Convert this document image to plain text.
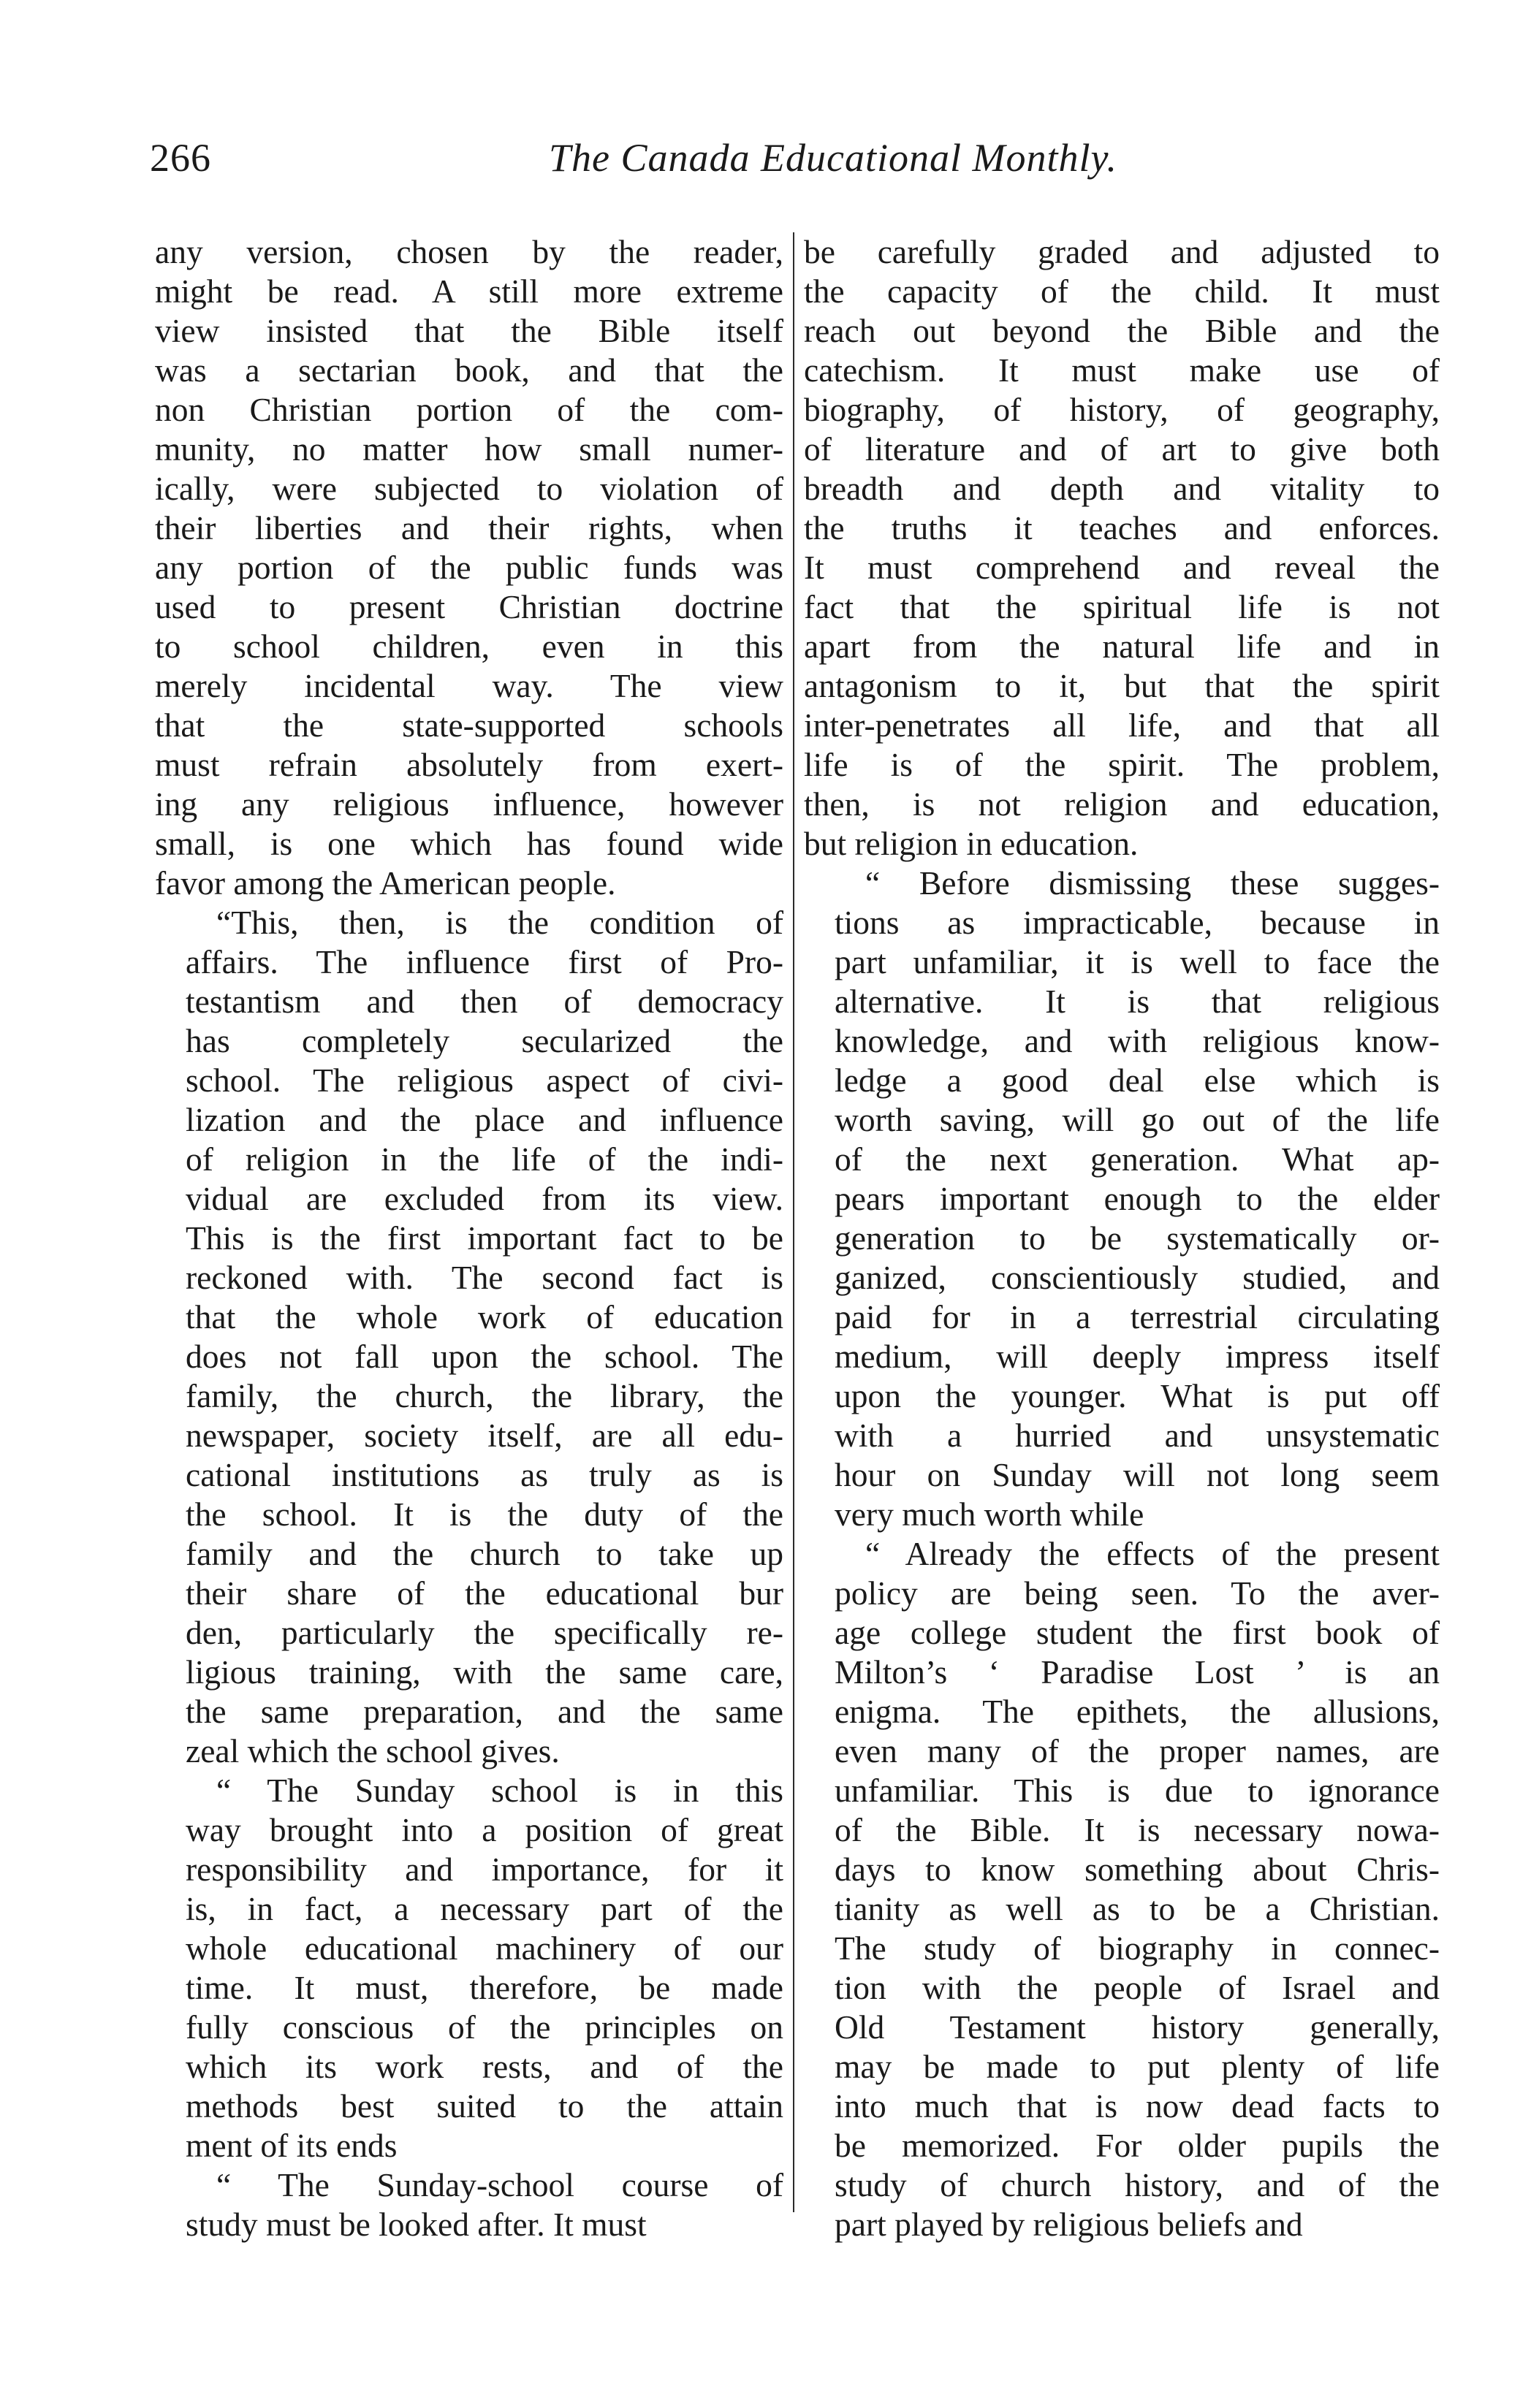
266	The Canada Educational Monthly.
any version, chosen by the reader,
might be read. A still more extreme
view insisted that the Bible itself
was a sectarian book, and that the
non Christian portion of the com-
munity, no matter how small numer-
ically, were subjected to violation of
their liberties and their rights, when
any portion of the public funds was
used to present Christian doctrine
to school children, even in this
merely incidental way. The view
that the state-supported schools
must refrain absolutely from exert-
ing any religious influence, however
small, is one which has found wide
favor among the American people.
“This, then, is the condition of
affairs. The influence first of Pro-
testantism and then of democracy
has completely secularized the
school. The religious aspect of civi-
lization and the place and influence
of religion in the life of the indi-
vidual are excluded from its view.
This is the first important fact to be
reckoned with. The second fact is
that the whole work of education
does not fall upon the school. The
family, the church, the library, the
newspaper, society itself, are all edu-
cational institutions as truly as is
the school. It is the duty of the
family and the church to take up
their share of the educational bur
den, particularly the specifically re-
ligious training, with the same care,
the same preparation, and the same
zeal which the school gives.
“ The Sunday school is in this
way brought into a position of great
responsibility and importance, for it
is, in fact, a necessary part of the
whole educational machinery of our
time. It must, therefore, be made
fully conscious of the principles on
which its work rests, and of the
methods best suited to the attain
ment of its ends
“ The Sunday-school course of
study must be looked after. It must
be carefully graded and adjusted to
the capacity of the child. It must
reach out beyond the Bible and the
catechism. It must make use of
biography, of history, of geography,
of literature and of art to give both
breadth and depth and vitality to
the truths it teaches and enforces.
It must comprehend and reveal the
fact that the spiritual life is not
apart from the natural life and in
antagonism to it, but that the spirit
inter-penetrates all life, and that all
life is of the spirit. The problem,
then, is not religion and education,
but religion in education.
“ Before dismissing these sugges-
tions as impracticable, because in
part unfamiliar, it is well to face the
alternative. It is that religious
knowledge, and with religious know-
ledge a good deal else which is
worth saving, will go out of the life
of the next generation. What ap-
pears important enough to the elder
generation to be systematically or-
ganized, conscientiously studied, and
paid for in a terrestrial circulating
medium, will deeply impress itself
upon the younger. What is put off
with a hurried and unsystematic
hour on Sunday will not long seem
very much worth while
“ Already the effects of the present
policy are being seen. To the aver-
age college student the first book of
Milton’s ‘ Paradise Lost ’ is an
enigma. The epithets, the allusions,
even many of the proper names, are
unfamiliar. This is due to ignorance
of the Bible. It is necessary nowa-
days to know something about Chris-
tianity as well as to be a Christian.
The study of biography in connec-
tion with the people of Israel and
Old Testament history generally,
may be made to put plenty of life
into much that is now dead facts to
be memorized. For older pupils the
study of church history, and of the
part played by religious beliefs and
